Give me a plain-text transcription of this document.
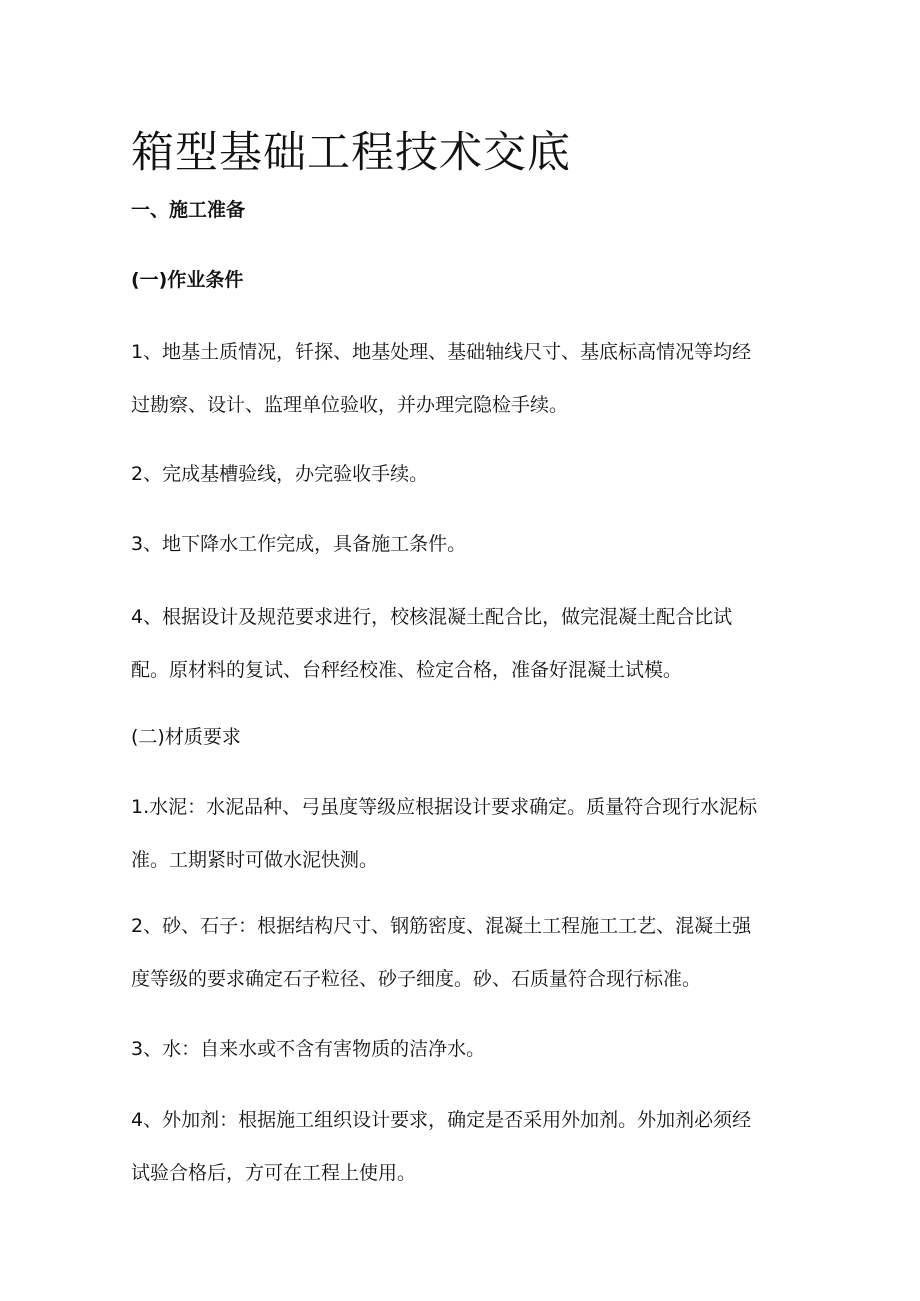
箱型基础工程技术交底
一、施工准备
(一)作业条件
1、地基土质情况，钎探、地基处理、基础轴线尺寸、基底标高情况等均经
过勘察、设计、监理单位验收，并办理完隐检手续。
2、完成基槽验线，办完验收手续。
3、地下降水工作完成，具备施工条件。
4、根据设计及规范要求进行，校核混凝土配合比，做完混凝土配合比试
配。原材料的复试、台秤经校准、检定合格，准备好混凝土试模。
(二)材质要求
1.水泥：水泥品种、弓虽度等级应根据设计要求确定。质量符合现行水泥标
准。工期紧时可做水泥快测。
2、砂、石子：根据结构尺寸、钢筋密度、混凝土工程施工工艺、混凝土强
度等级的要求确定石子粒径、砂子细度。砂、石质量符合现行标准。
3、水：自来水或不含有害物质的洁净水。
4、外加剂：根据施工组织设计要求，确定是否采用外加剂。外加剂必须经
试验合格后，方可在工程上使用。
